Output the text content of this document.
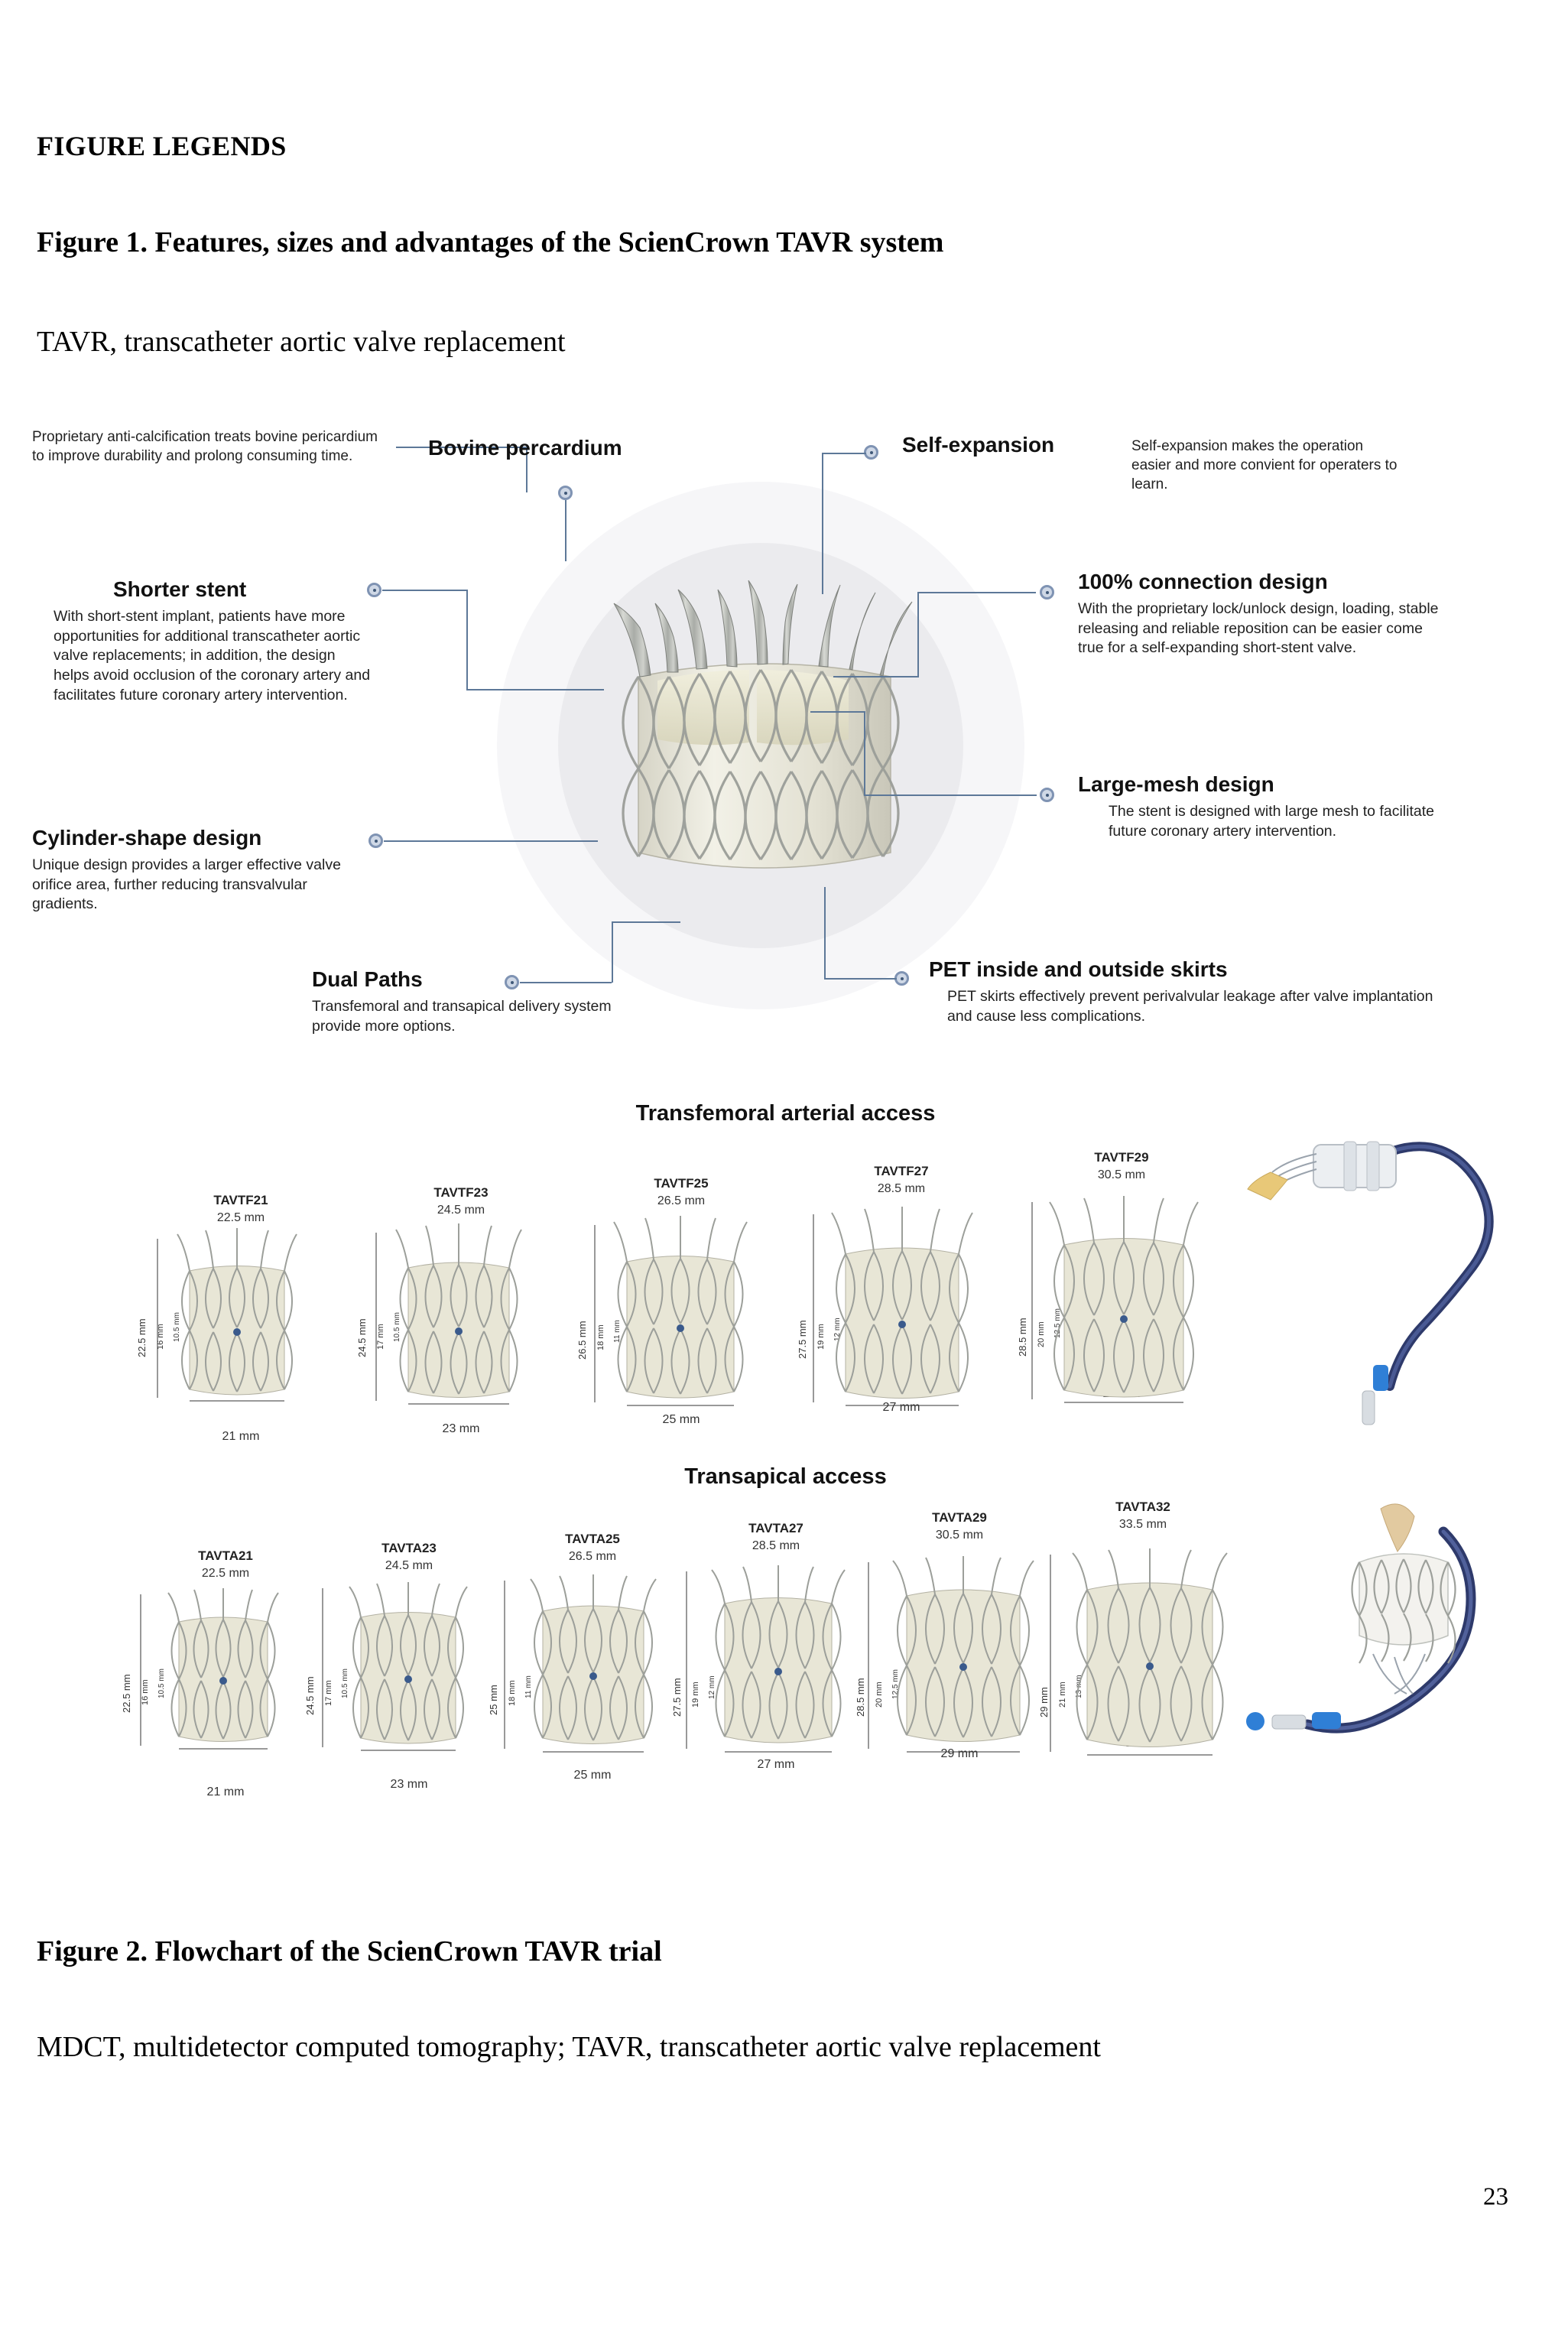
FIGURE LEGENDS
Figure 1. Features, sizes and advantages of the ScienCrown TAVR system
TAVR, transcatheter aortic valve replacement
Proprietary anti-calcification treats bovine pericardium to improve durability and prolong consuming time.	Bovine percardium	Self-expansion	Self-expansion makes the operation easier and more convient for operaters to learn.
Shorter stent
With short-stent implant, patients have more opportunities for additional transcatheter aortic valve replacements; in addition, the design helps avoid occlusion of the coronary artery and facilitates future coronary artery intervention.
100% connection design
With the proprietary lock/unlock design, loading, stable releasing and reliable reposition can be easier come true for a self-expanding short-stent valve.
Cylinder-shape design
Unique design provides a larger effective valve orifice area, further reducing transvalvular gradients.
Large-mesh design
The stent is designed with large mesh to facilitate future coronary artery intervention.
Dual Paths
Transfemoral and transapical delivery system provide more options.
PET inside and outside skirts
PET skirts effectively prevent perivalvular leakage after valve implantation and cause less complications.
Transfemoral arterial access
TAVTF21
22.5 mm
22.5 mm 16 mm 10.5 mm
21 mm
TAVTF23
24.5 mm
24.5 mm 17 mm 10.5 mm
23 mm
TAVTF25
26.5 mm
26.5 mm 18 mm 11 mm
25 mm
TAVTF27
28.5 mm
27.5 mm 19 mm 12 mm
27 mm
TAVTF29
30.5 mm
28.5 mm 20 mm 12.5 mm
Transapical access
TAVTA21
22.5 mm
22.5 mm 16 mm 10.5 mm
21 mm
TAVTA23
24.5 mm
24.5 mm 17 mm 10.5 mm
23 mm
TAVTA25
26.5 mm
25 mm 18 mm 11 mm
25 mm
TAVTA27
28.5 mm
27.5 mm 19 mm 12 mm
27 mm
TAVTA29
30.5 mm
28.5 mm 20 mm 12.5 mm
29 mm
TAVTA32
33.5 mm
29 mm 21 mm 13 mm
Figure 2. Flowchart of the ScienCrown TAVR trial
MDCT, multidetector computed tomography; TAVR, transcatheter aortic valve replacement
23
